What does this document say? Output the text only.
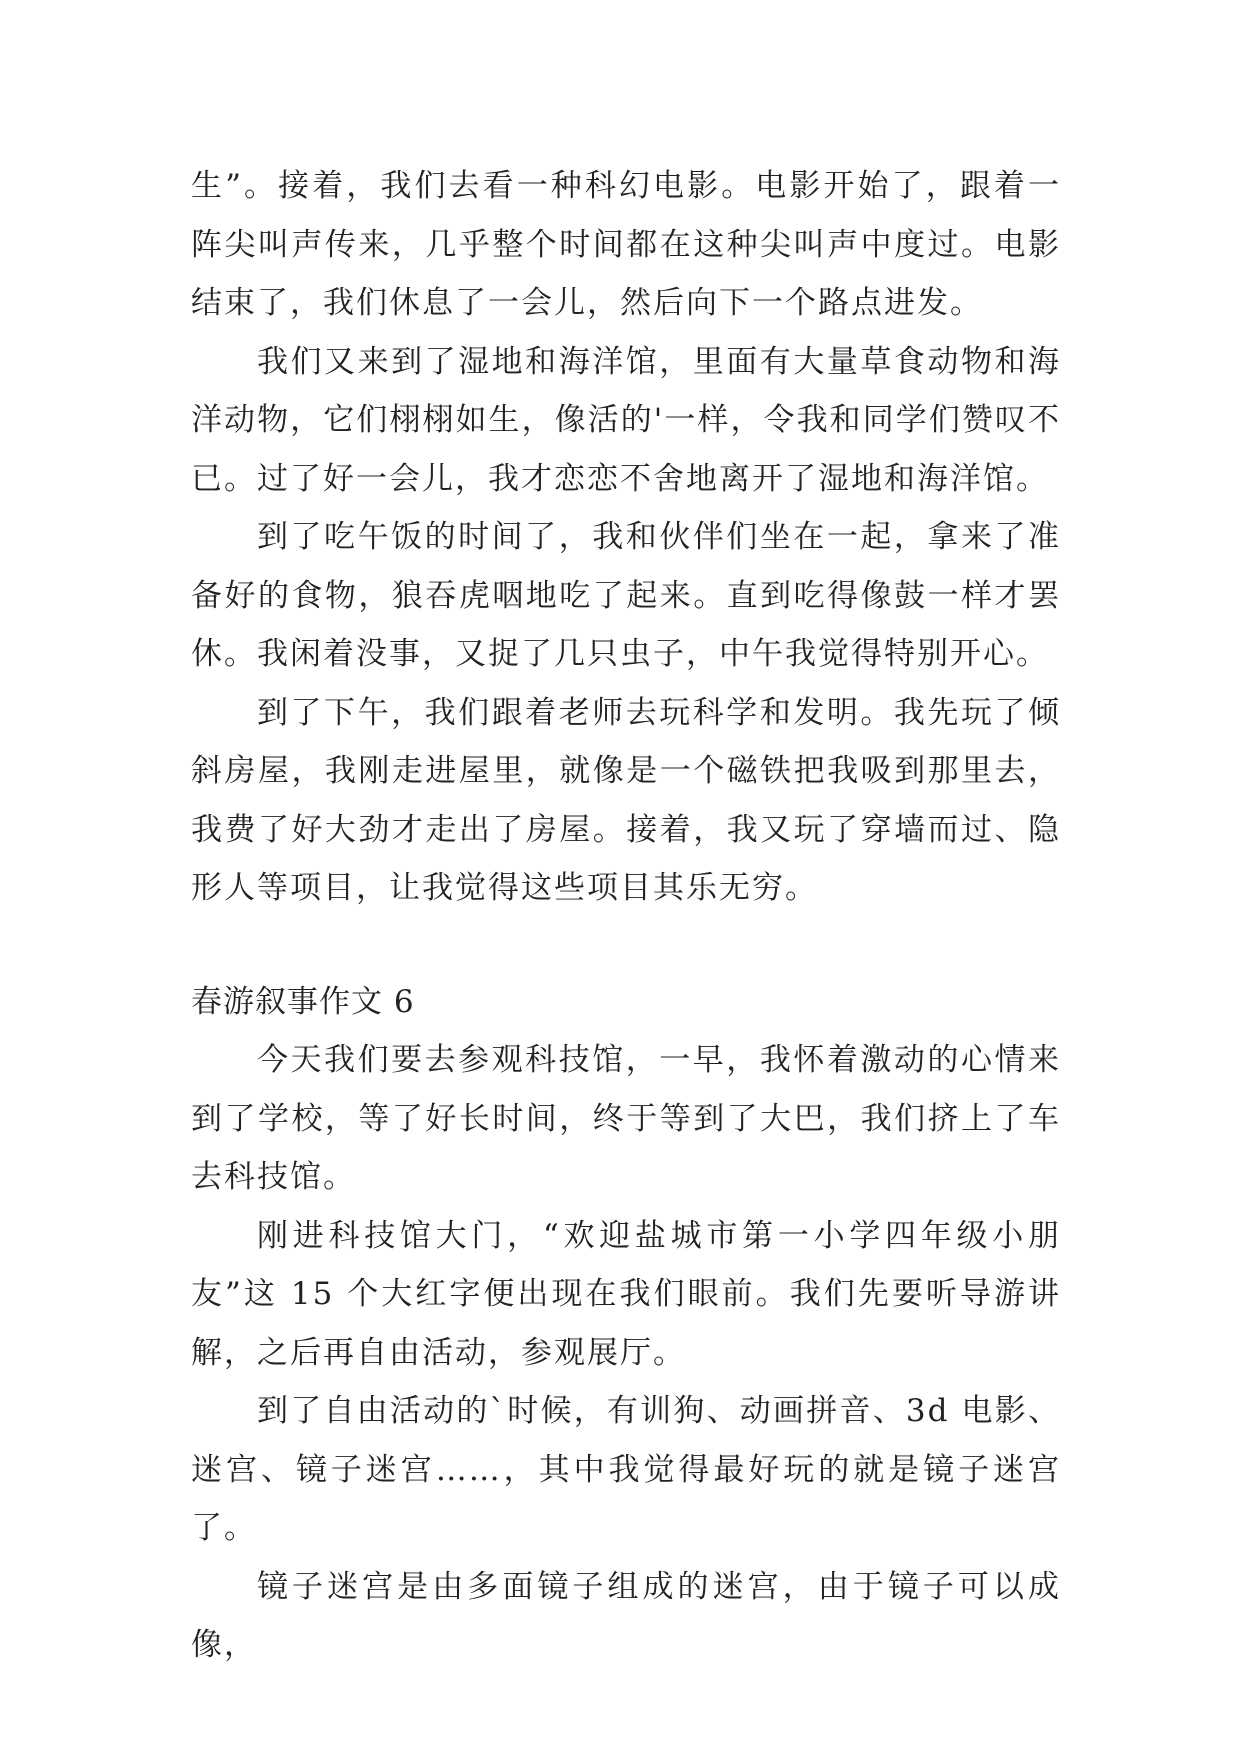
生”。接着，我们去看一种科幻电影。电影开始了，跟着一阵尖叫声传来，几乎整个时间都在这种尖叫声中度过。电影结束了，我们休息了一会儿，然后向下一个路点进发。

我们又来到了湿地和海洋馆，里面有大量草食动物和海洋动物，它们栩栩如生，像活的'一样，令我和同学们赞叹不已。过了好一会儿，我才恋恋不舍地离开了湿地和海洋馆。

到了吃午饭的时间了，我和伙伴们坐在一起，拿来了准备好的食物，狼吞虎咽地吃了起来。直到吃得像鼓一样才罢休。我闲着没事，又捉了几只虫子，中午我觉得特别开心。

到了下午，我们跟着老师去玩科学和发明。我先玩了倾斜房屋，我刚走进屋里，就像是一个磁铁把我吸到那里去，我费了好大劲才走出了房屋。接着，我又玩了穿墙而过、隐形人等项目，让我觉得这些项目其乐无穷。

春游叙事作文 6

今天我们要去参观科技馆，一早，我怀着激动的心情来到了学校，等了好长时间，终于等到了大巴，我们挤上了车去科技馆。

刚进科技馆大门，“欢迎盐城市第一小学四年级小朋友”这 15 个大红字便出现在我们眼前。我们先要听导游讲解，之后再自由活动，参观展厅。

到了自由活动的`时候，有训狗、动画拼音、3d 电影、迷宫、镜子迷宫……，其中我觉得最好玩的就是镜子迷宫了。

镜子迷宫是由多面镜子组成的迷宫，由于镜子可以成像，
